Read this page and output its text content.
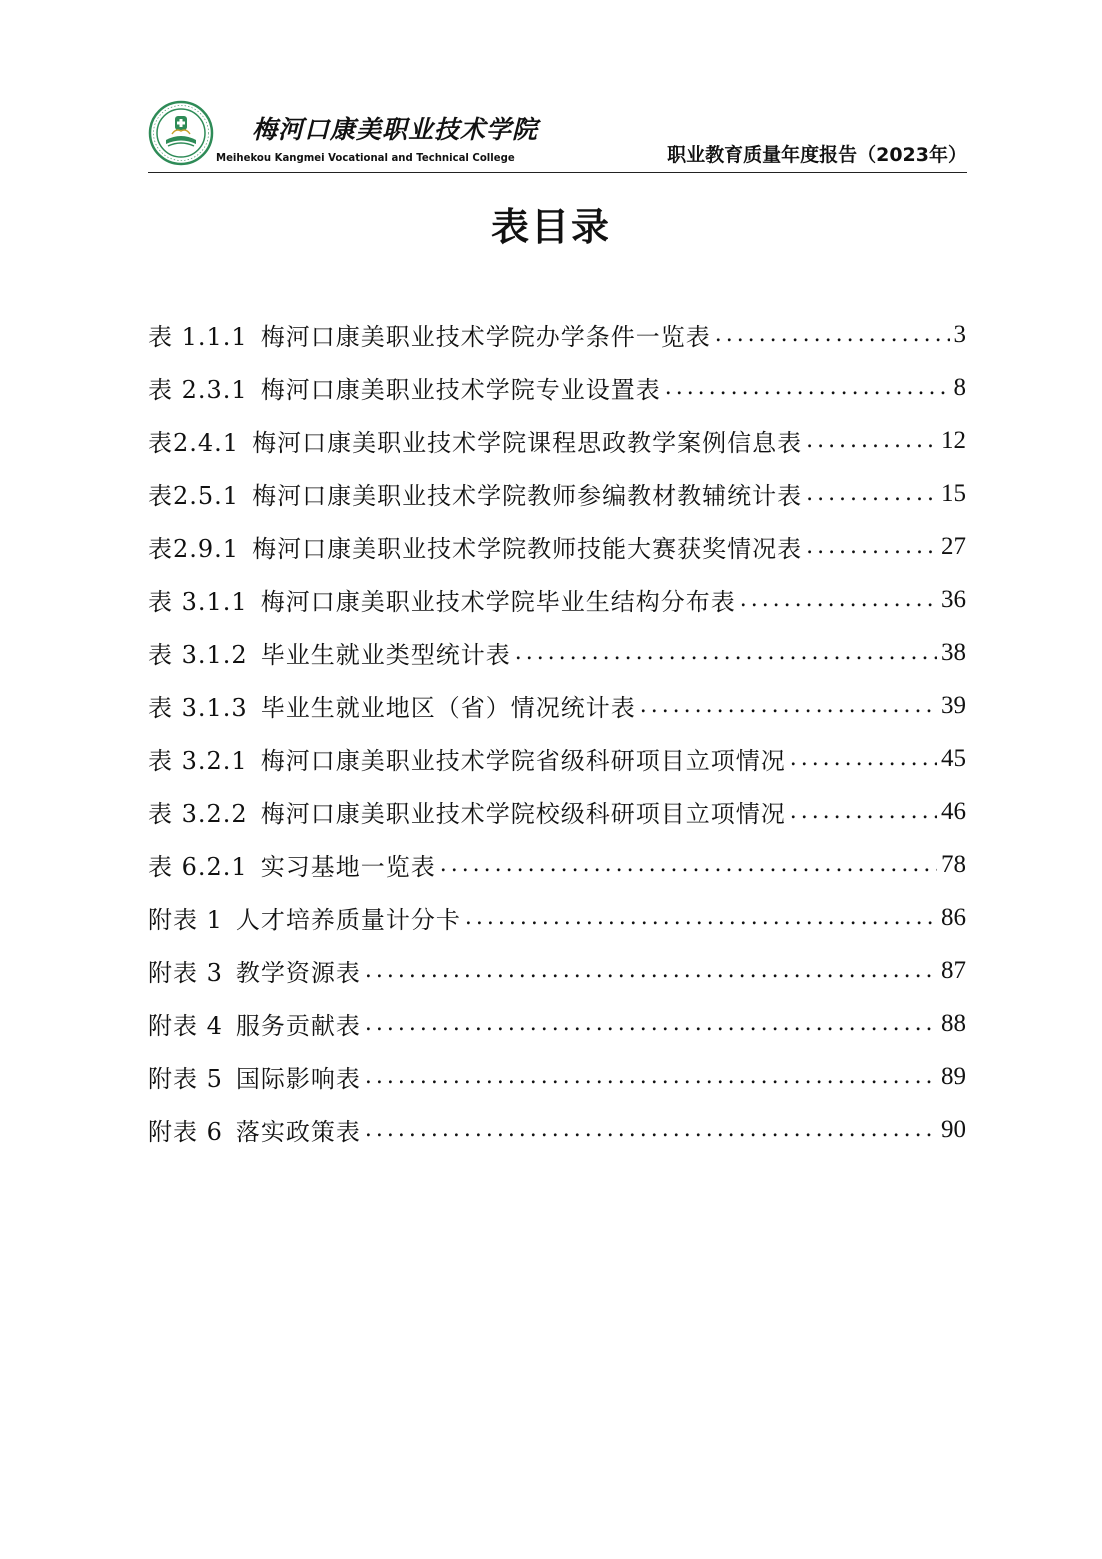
梅河口康美职业技术学院
Meihekou Kangmei Vocational and Technical College	职业教育质量年度报告（2023年）
表目录
表 1.1.1  梅河口康美职业技术学院办学条件一览表 .....	3
表 2.3.1  梅河口康美职业技术学院专业设置表 .....	8
表2.4.1  梅河口康美职业技术学院课程思政教学案例信息表 .....	12
表2.5.1  梅河口康美职业技术学院教师参编教材教辅统计表 .....	15
表2.9.1  梅河口康美职业技术学院教师技能大赛获奖情况表 .....	27
表 3.1.1  梅河口康美职业技术学院毕业生结构分布表 .....	36
表 3.1.2  毕业生就业类型统计表 .....	38
表 3.1.3  毕业生就业地区（省）情况统计表 .....	39
表 3.2.1  梅河口康美职业技术学院省级科研项目立项情况 .....	45
表 3.2.2  梅河口康美职业技术学院校级科研项目立项情况 .....	46
表 6.2.1  实习基地一览表 .....	78
附表 1  人才培养质量计分卡 .....	86
附表 3  教学资源表 .....	87
附表 4  服务贡献表 .....	88
附表 5  国际影响表 .....	89
附表 6  落实政策表 .....	90
